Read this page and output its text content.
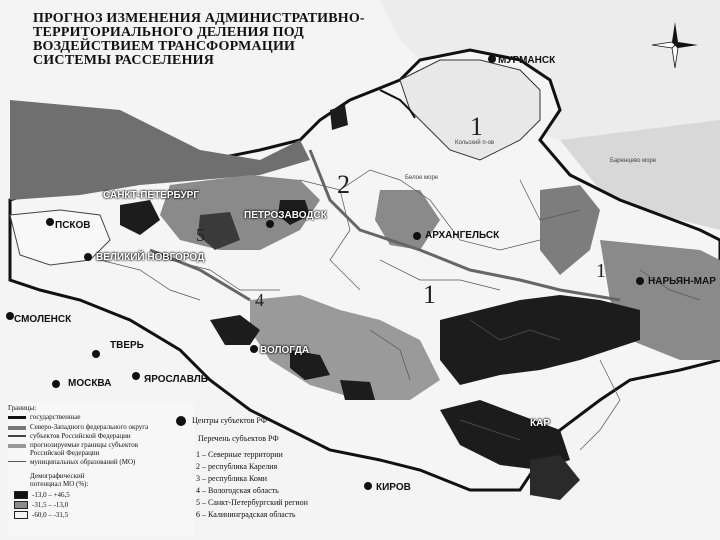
ПРОГНОЗ ИЗМЕНЕНИЯ АДМИНИСТРАТИВНО-
ТЕРРИТОРИАЛЬНОГО ДЕЛЕНИЯ ПОД
ВОЗДЕЙСТВИЕМ ТРАНСФОРМАЦИИ
СИСТЕМЫ РАССЕЛЕНИЯ
1
2
1
5
4
1
Кольский п-ов
Белое море
Баренцево море
МУРМАНСК
САНКТ-ПЕТЕРБУРГ
ПЕТРОЗАВОДСК
АРХАНГЕЛЬСК
ПСКОВ
ВЕЛИКИЙ НОВГОРОД
НАРЬЯН-МАР
СМОЛЕНСК
ТВЕРЬ	ВОЛОГДА
МОСКВА	ЯРОСЛАВЛЬ
КАР
КИРОВ
Границы:
государственные
Северо-Западного федерального округа
субъектов Российской Федерации
прогнозируемые границы субъектов
Российской Федерации
муниципальных образований (МО)
Демографический
потенциал МО (%):
-13,0 – +46,5
-31,5 – -13,0
-60,0 – -31,5
Центры субъектов РФ
Перечень субъектов РФ
1 – Северные территории
2 – республика Карелия
3 – республика Коми
4 – Вологодская область
5 – Санкт-Петербургский регион
6 – Калининградская область
